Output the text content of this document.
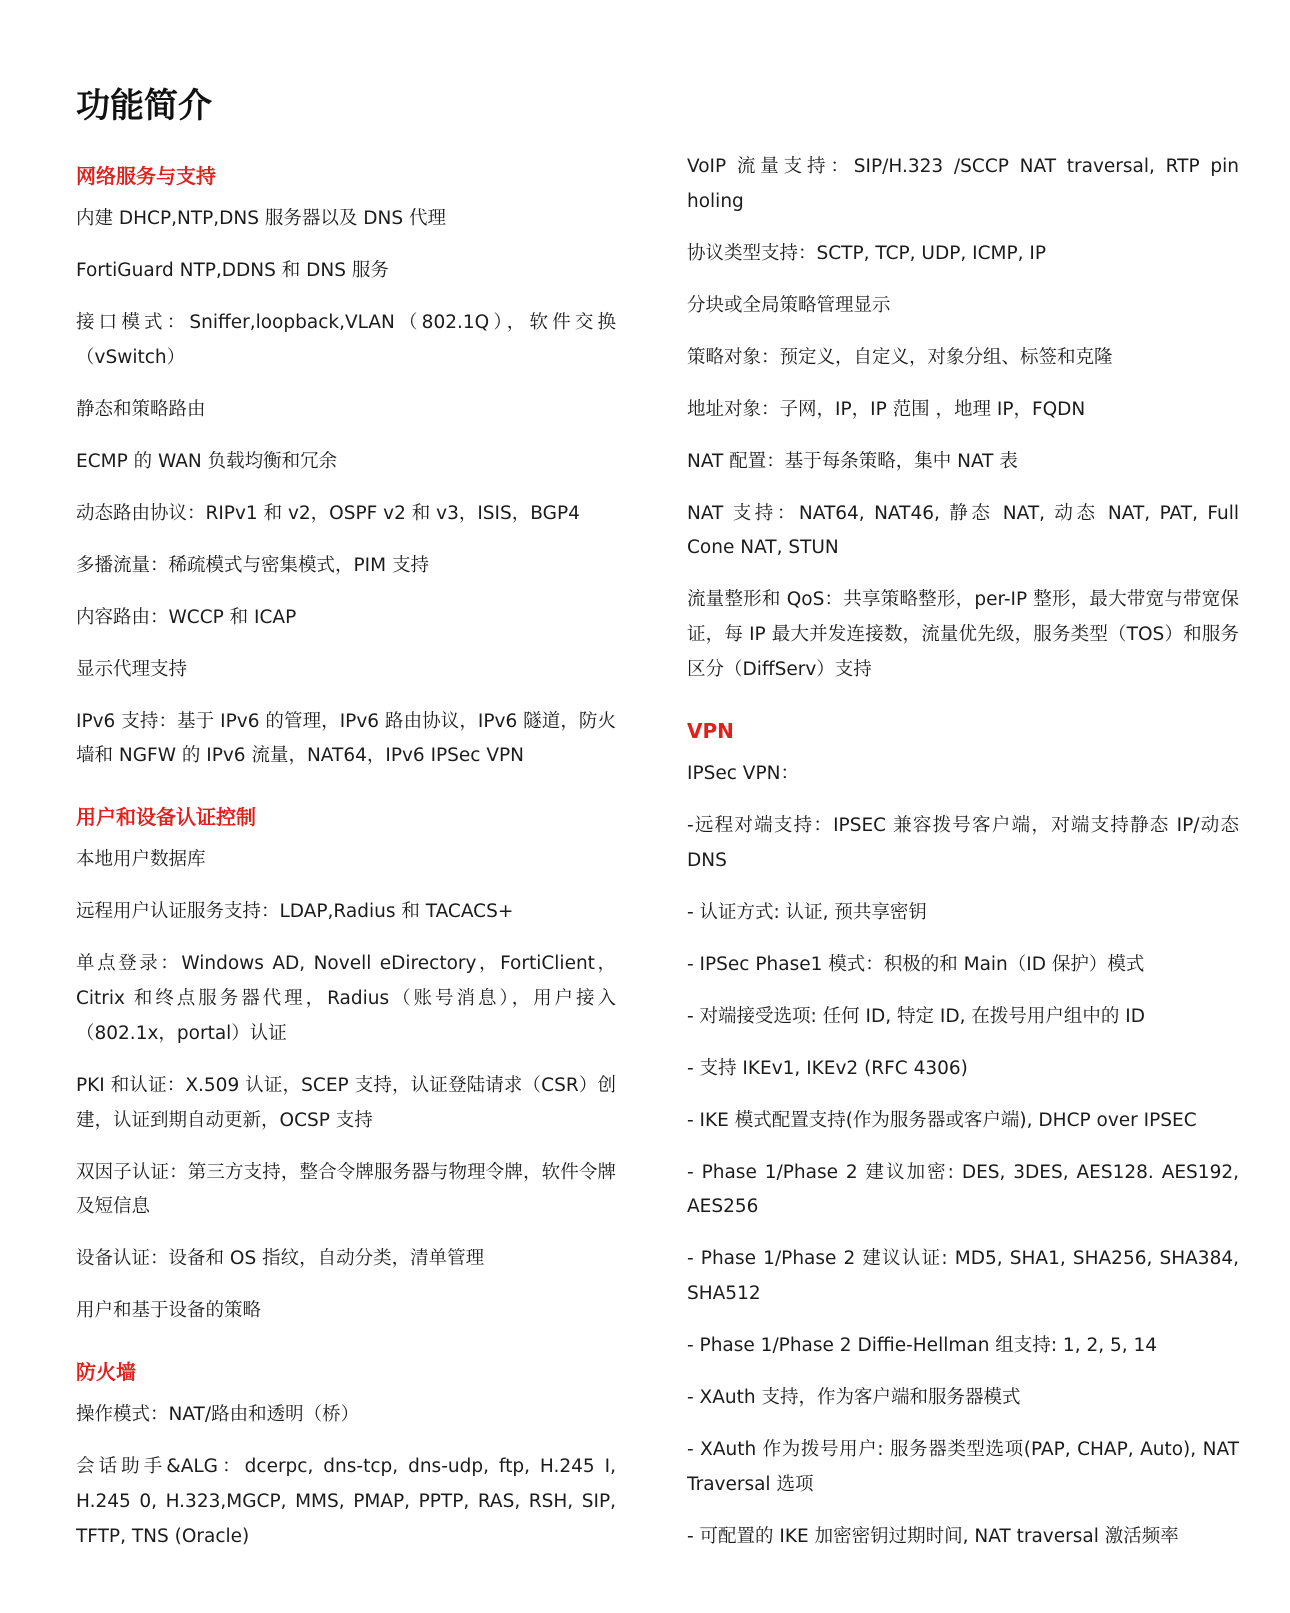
功能简介

网络服务与支持

内建 DHCP,NTP,DNS 服务器以及 DNS 代理

FortiGuard NTP,DDNS 和 DNS 服务

接口模式：Sniffer,loopback,VLAN（802.1Q），软件交换（vSwitch）

静态和策略路由

ECMP 的 WAN 负载均衡和冗余

动态路由协议：RIPv1 和 v2，OSPF v2 和 v3，ISIS，BGP4

多播流量：稀疏模式与密集模式，PIM 支持

内容路由：WCCP 和 ICAP

显示代理支持

IPv6 支持：基于 IPv6 的管理，IPv6 路由协议，IPv6 隧道，防火墙和 NGFW 的 IPv6 流量，NAT64，IPv6 IPSec VPN

用户和设备认证控制

本地用户数据库

远程用户认证服务支持：LDAP,Radius 和 TACACS+

单点登录：Windows AD, Novell eDirectory，FortiClient，Citrix 和终点服务器代理，Radius（账号消息），用户接入（802.1x，portal）认证

PKI 和认证：X.509 认证，SCEP 支持，认证登陆请求（CSR）创建，认证到期自动更新，OCSP 支持

双因子认证：第三方支持，整合令牌服务器与物理令牌，软件令牌及短信息

设备认证：设备和 OS 指纹，自动分类，清单管理

用户和基于设备的策略

防火墙

操作模式：NAT/路由和透明（桥）

会话助手&ALG：dcerpc, dns-tcp, dns-udp, ftp, H.245 I, H.245 0, H.323,MGCP, MMS, PMAP, PPTP, RAS, RSH, SIP, TFTP, TNS (Oracle)

VoIP 流量支持：SIP/H.323 /SCCP NAT traversal, RTP pin holing

协议类型支持：SCTP, TCP, UDP, ICMP, IP

分块或全局策略管理显示

策略对象：预定义，自定义，对象分组、标签和克隆

地址对象：子网，IP，IP 范围 ，地理 IP，FQDN

NAT 配置：基于每条策略，集中 NAT 表

NAT 支持：NAT64, NAT46, 静态 NAT, 动态 NAT, PAT, Full Cone NAT, STUN

流量整形和 QoS：共享策略整形，per-IP 整形，最大带宽与带宽保证，每 IP 最大并发连接数，流量优先级，服务类型（TOS）和服务区分（DiffServ）支持

VPN

IPSec VPN：

-远程对端支持：IPSEC 兼容拨号客户端，对端支持静态 IP/动态 DNS

- 认证方式: 认证, 预共享密钥

- IPSec Phase1 模式：积极的和 Main（ID 保护）模式

- 对端接受选项: 任何 ID, 特定 ID, 在拨号用户组中的 ID

- 支持 IKEv1, IKEv2 (RFC 4306)

- IKE 模式配置支持(作为服务器或客户端), DHCP over IPSEC

- Phase 1/Phase 2 建议加密: DES, 3DES, AES128. AES192, AES256

- Phase 1/Phase 2 建议认证: MD5, SHA1, SHA256, SHA384, SHA512

- Phase 1/Phase 2 Diffie-Hellman 组支持: 1, 2, 5, 14

- XAuth 支持，作为客户端和服务器模式

- XAuth 作为拨号用户: 服务器类型选项(PAP, CHAP, Auto), NAT Traversal 选项

- 可配置的 IKE 加密密钥过期时间, NAT traversal 激活频率
